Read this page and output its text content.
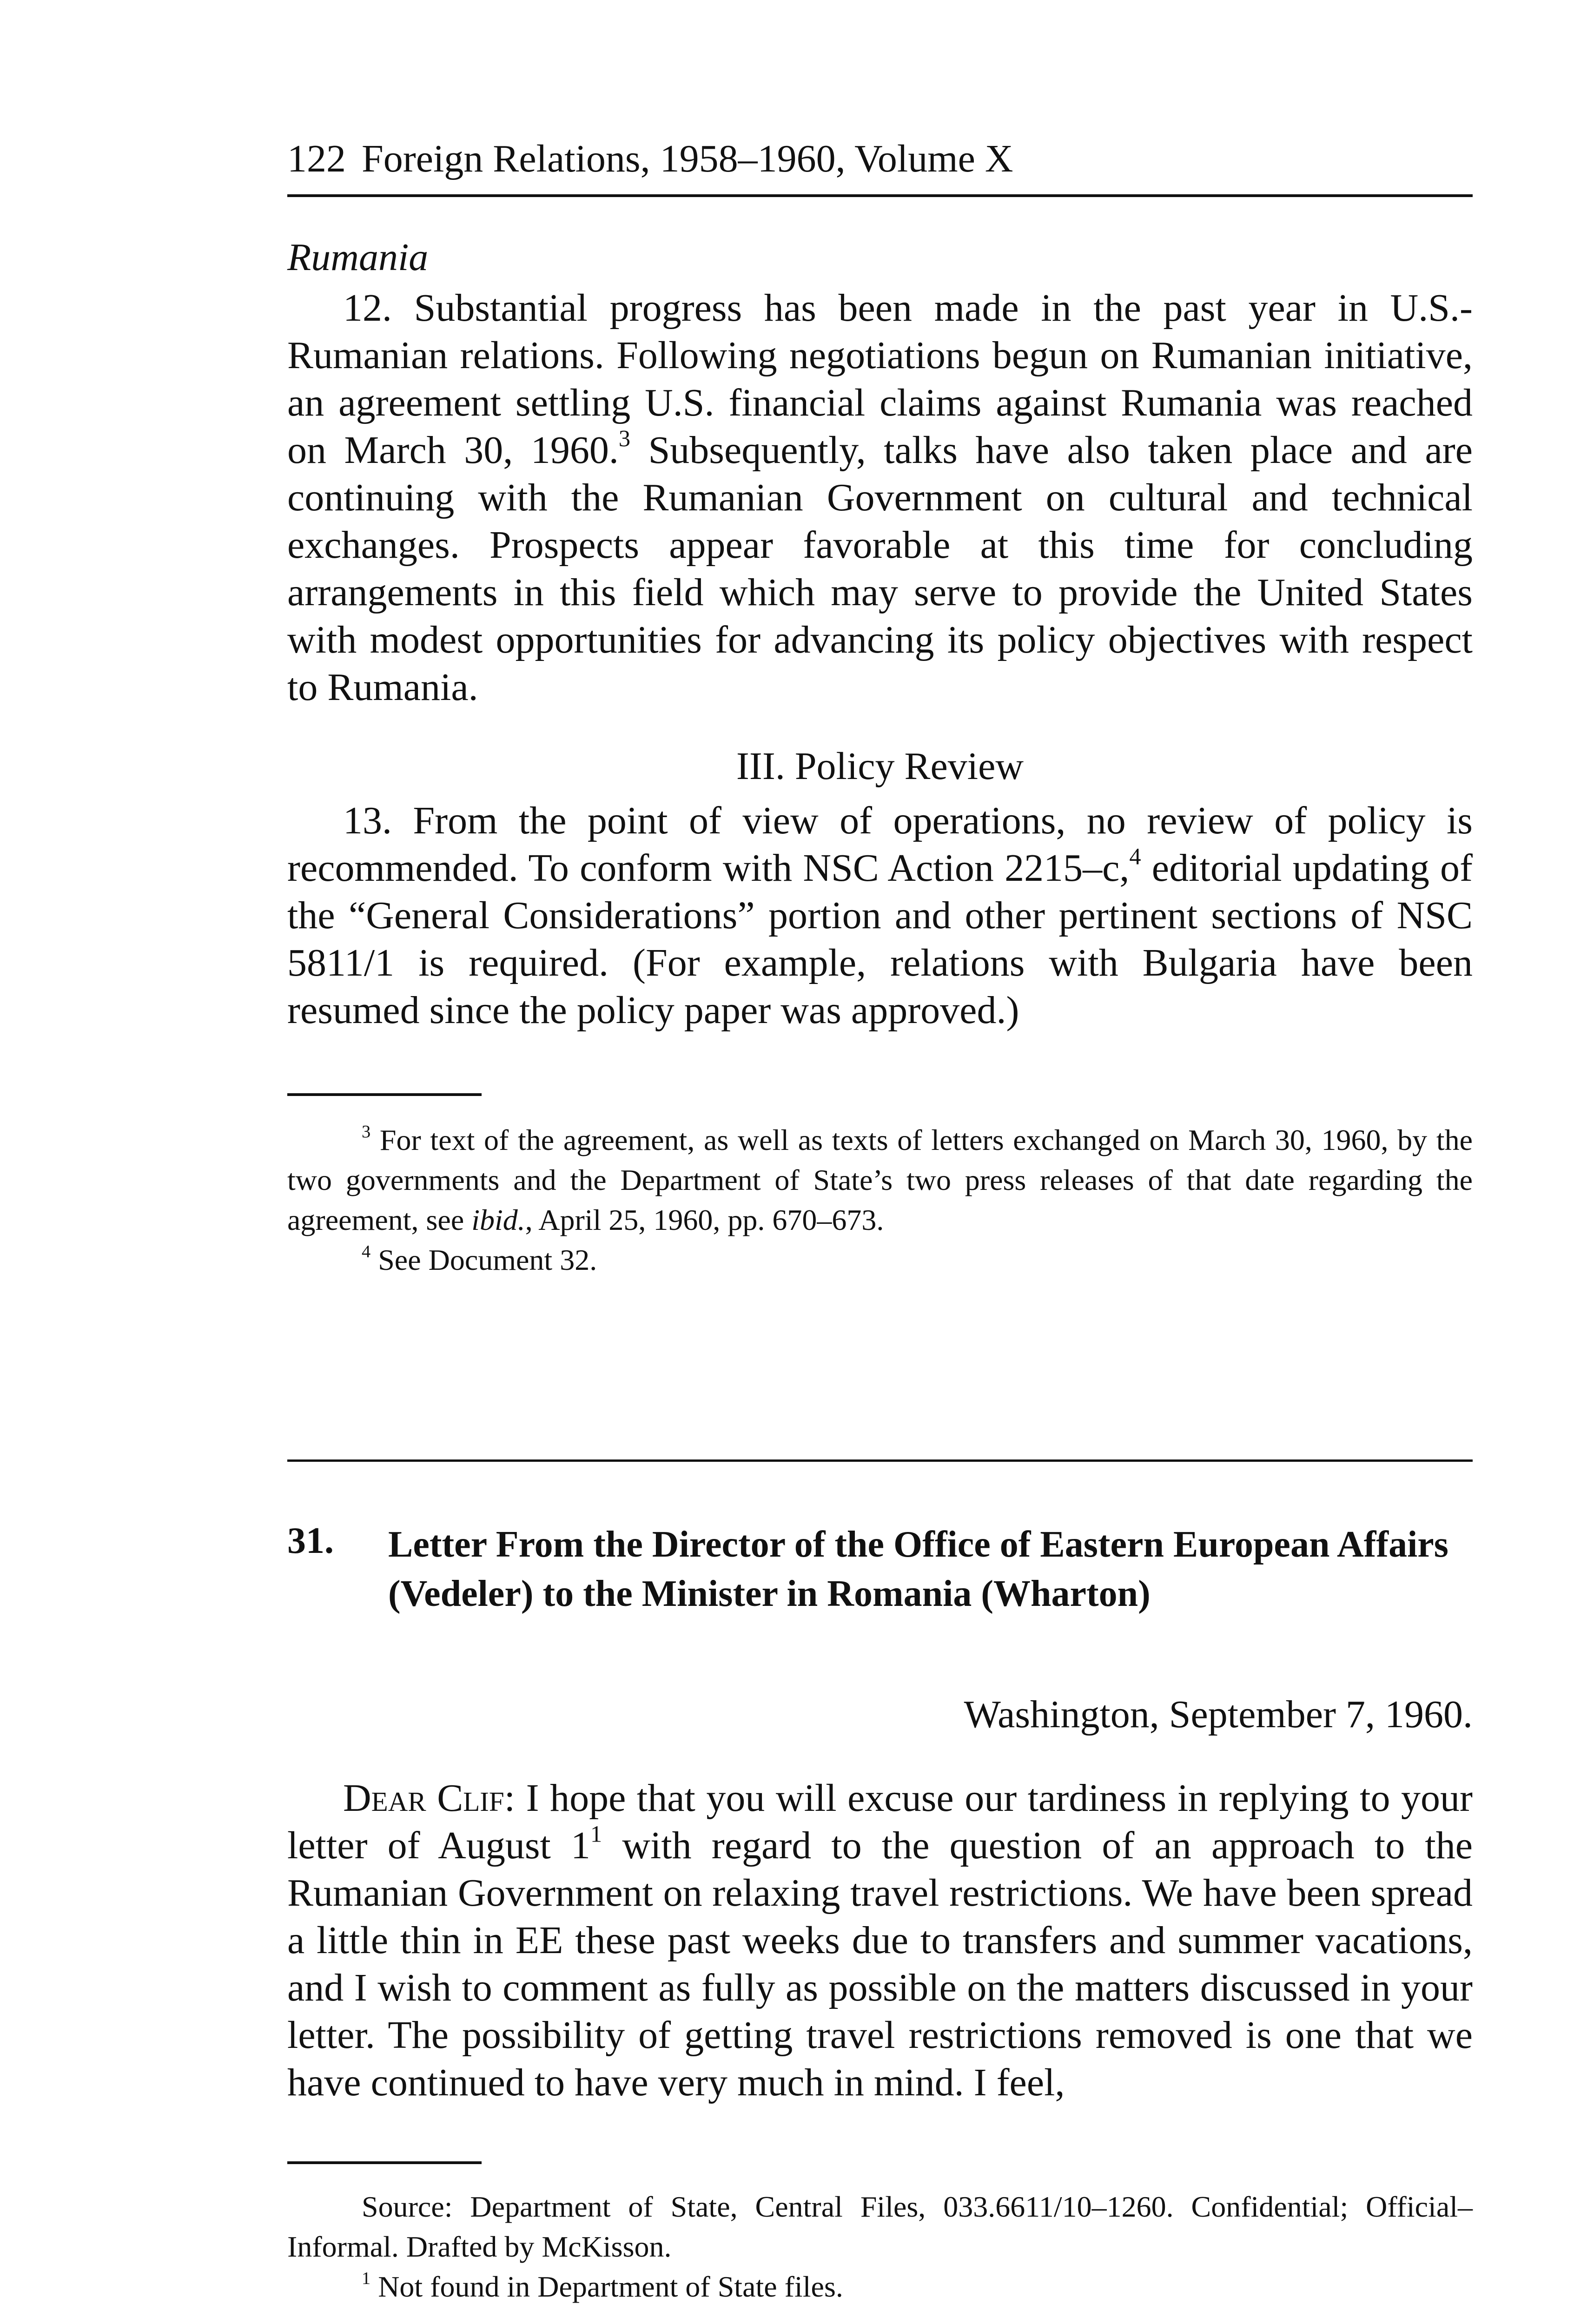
122 Foreign Relations, 1958–1960, Volume X
Rumania
12. Substantial progress has been made in the past year in U.S.-Rumanian relations. Following negotiations begun on Rumanian initiative, an agreement settling U.S. financial claims against Rumania was reached on March 30, 1960.$^3$ Subsequently, talks have also taken place and are continuing with the Rumanian Government on cultural and technical exchanges. Prospects appear favorable at this time for concluding arrangements in this field which may serve to provide the United States with modest opportunities for advancing its policy objectives with respect to Rumania.
III. Policy Review
13. From the point of view of operations, no review of policy is recommended. To conform with NSC Action 2215–c,$^4$ editorial updating of the “General Considerations” portion and other pertinent sections of NSC 5811/1 is required. (For example, relations with Bulgaria have been resumed since the policy paper was approved.)

$^3$ For text of the agreement, as well as texts of letters exchanged on March 30, 1960, by the two governments and the Department of State’s two press releases of that date regarding the agreement, see ibid., April 25, 1960, pp. 670–673.

$^4$ See Document 32.

31. Letter From the Director of the Office of Eastern European Affairs (Vedeler) to the Minister in Romania (Wharton)
Washington, September 7, 1960.
Dear Clif: I hope that you will excuse our tardiness in replying to your letter of August $1^1$ with regard to the question of an approach to the Rumanian Government on relaxing travel restrictions. We have been spread a little thin in EE these past weeks due to transfers and summer vacations, and I wish to comment as fully as possible on the matters discussed in your letter. The possibility of getting travel restrictions removed is one that we have continued to have very much in mind. I feel,

Source: Department of State, Central Files, 033.6611/10–1260. Confidential; Official–Informal. Drafted by McKisson.

$^1$ Not found in Department of State files.
